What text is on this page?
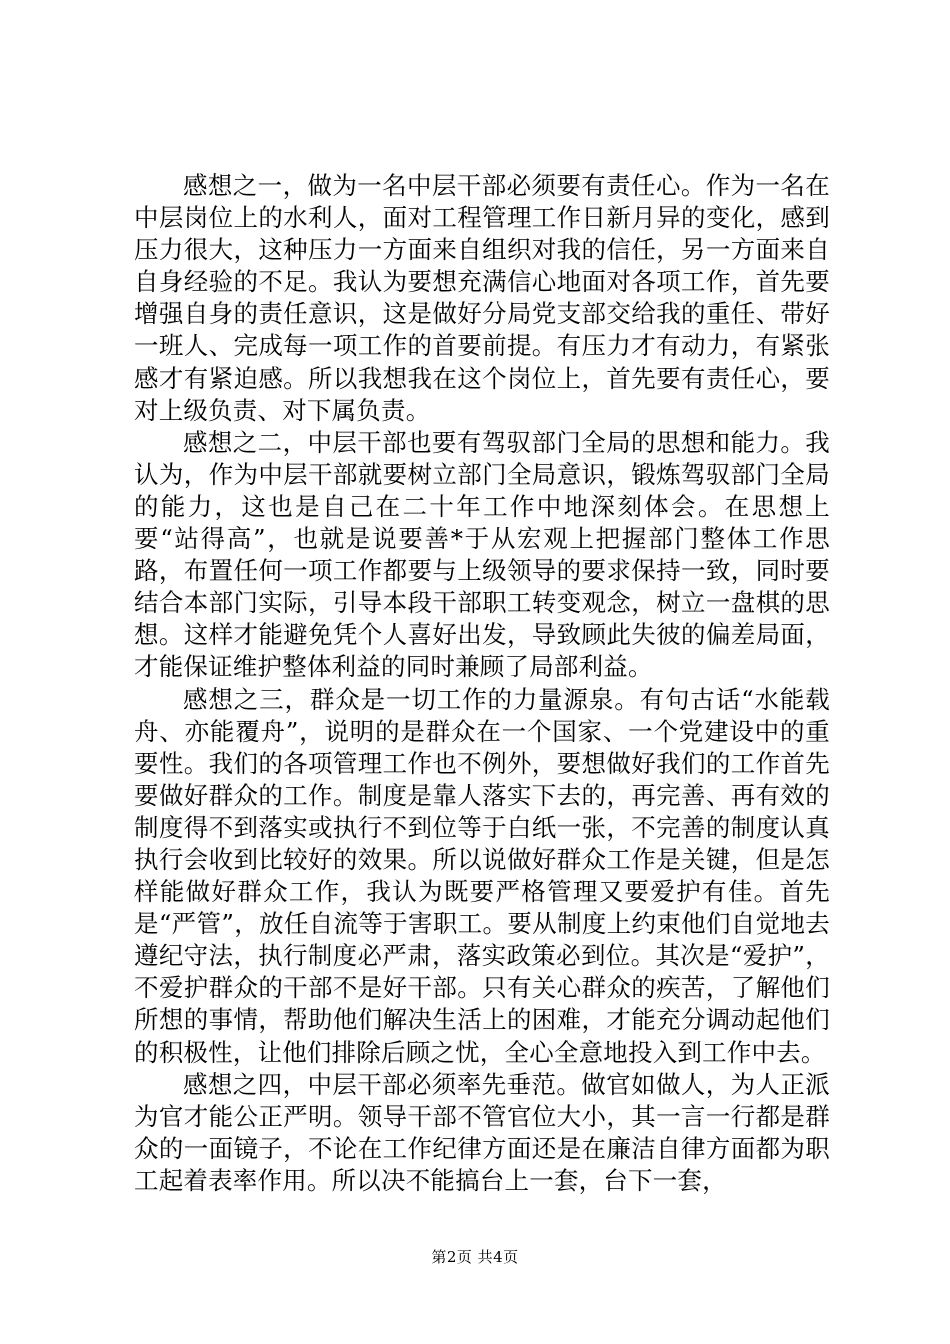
感想之一，做为一名中层干部必须要有责任心。作为一名在中层岗位上的水利人，面对工程管理工作日新月异的变化，感到压力很大，这种压力一方面来自组织对我的信任，另一方面来自自身经验的不足。我认为要想充满信心地面对各项工作，首先要增强自身的责任意识，这是做好分局党支部交给我的重任、带好一班人、完成每一项工作的首要前提。有压力才有动力，有紧张感才有紧迫感。所以我想我在这个岗位上，首先要有责任心，要对上级负责、对下属负责。

感想之二，中层干部也要有驾驭部门全局的思想和能力。我认为，作为中层干部就要树立部门全局意识，锻炼驾驭部门全局的能力，这也是自己在二十年工作中地深刻体会。在思想上要“站得高”，也就是说要善*于从宏观上把握部门整体工作思路，布置任何一项工作都要与上级领导的要求保持一致，同时要结合本部门实际，引导本段干部职工转变观念，树立一盘棋的思想。这样才能避免凭个人喜好出发，导致顾此失彼的偏差局面，才能保证维护整体利益的同时兼顾了局部利益。

感想之三，群众是一切工作的力量源泉。有句古话“水能载舟、亦能覆舟”，说明的是群众在一个国家、一个党建设中的重要性。我们的各项管理工作也不例外，要想做好我们的工作首先要做好群众的工作。制度是靠人落实下去的，再完善、再有效的制度得不到落实或执行不到位等于白纸一张，不完善的制度认真执行会收到比较好的效果。所以说做好群众工作是关键，但是怎样能做好群众工作，我认为既要严格管理又要爱护有佳。首先是“严管”，放任自流等于害职工。要从制度上约束他们自觉地去遵纪守法，执行制度必严肃，落实政策必到位。其次是“爱护”，不爱护群众的干部不是好干部。只有关心群众的疾苦，了解他们所想的事情，帮助他们解决生活上的困难，才能充分调动起他们的积极性，让他们排除后顾之忧，全心全意地投入到工作中去。

感想之四，中层干部必须率先垂范。做官如做人，为人正派为官才能公正严明。领导干部不管官位大小，其一言一行都是群众的一面镜子，不论在工作纪律方面还是在廉洁自律方面都为职工起着表率作用。所以决不能搞台上一套，台下一套，

第2页 共4页
